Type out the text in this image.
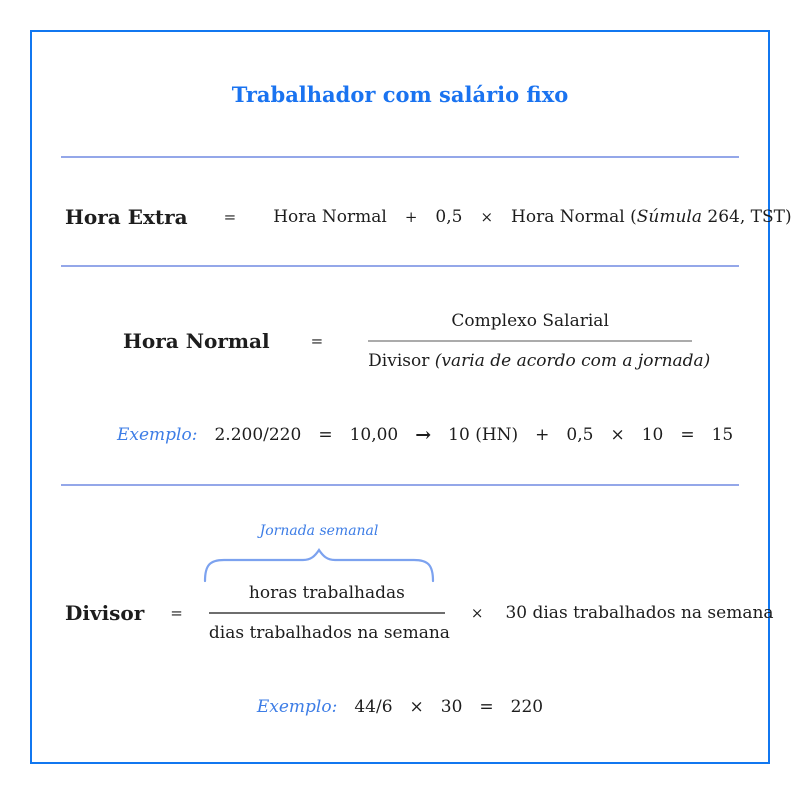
Trabalhador com salário fixo
Hora Extra = Hora Normal + 0,5 × Hora Normal (Súmula 264, TST)
Hora Normal	=	$\frac{\text{Complexo Salarial}}{\text{Divisor (varia de acordo com a jornada)}}$
Exemplo: 2.200/220 = 10,00 → 10 (HN) + 0,5 × 10 = 15
Jornada semanal
Divisor = $\frac{\text{horas trabalhadas}}{\text{dias trabalhados na semana}} \times 30$ dias trabalhados na semana
Exemplo: 44/6 × 30 = 220
